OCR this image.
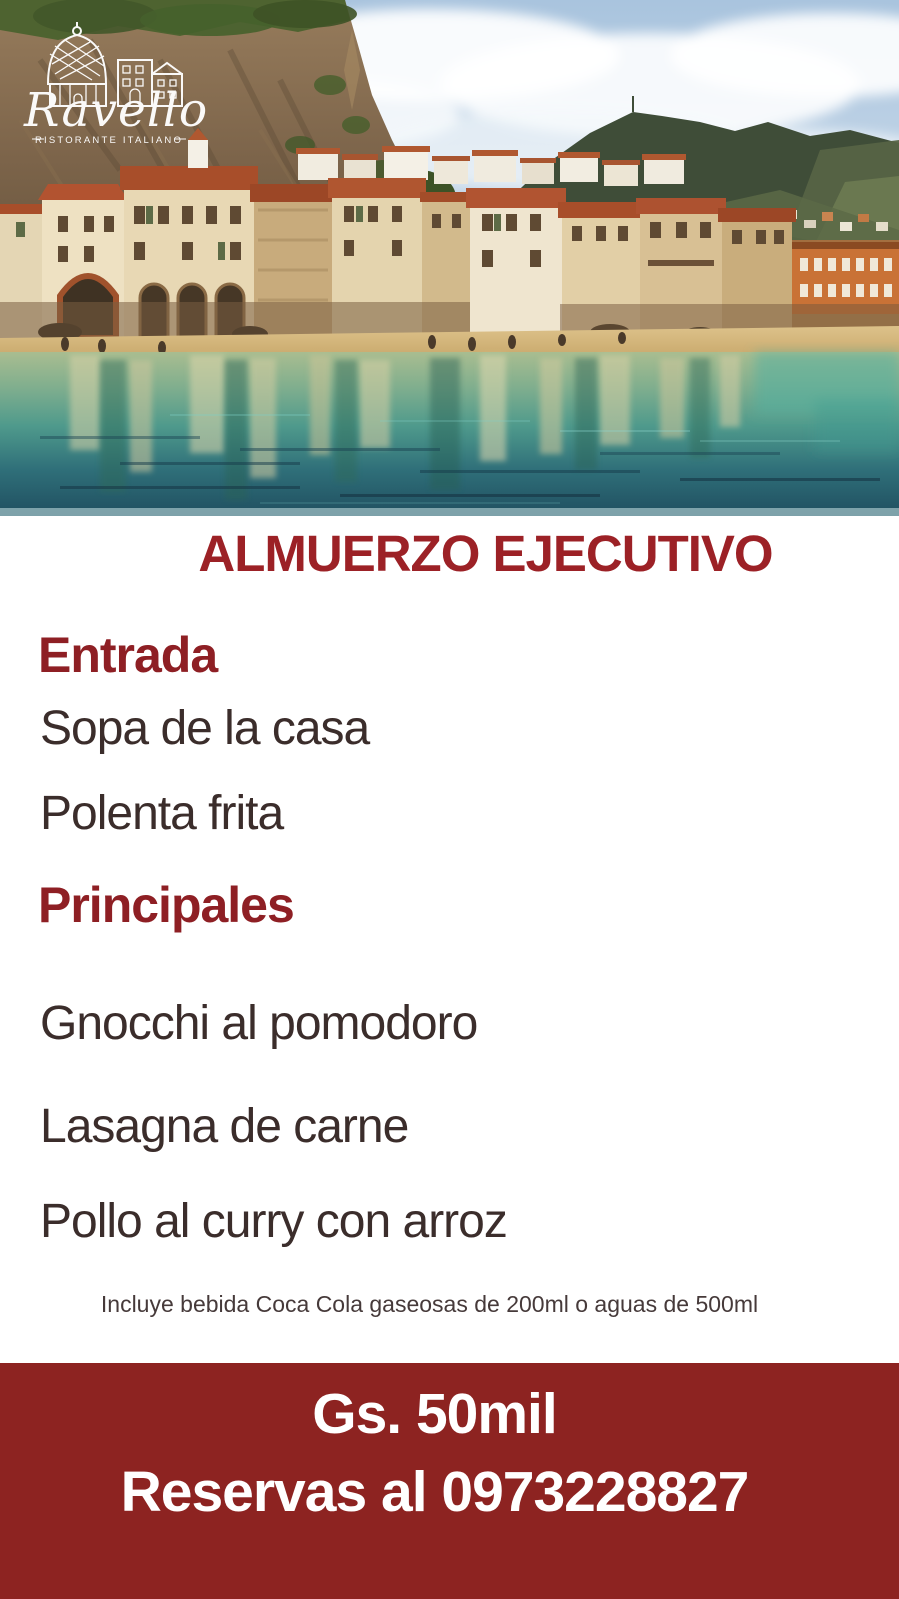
Ravello
RISTORANTE ITALIANO
ALMUERZO EJECUTIVO
Entrada
Sopa de la casa
Polenta frita
Principales
Gnocchi al pomodoro
Lasagna de carne
Pollo al curry con arroz
Incluye bebida Coca Cola gaseosas de 200ml o aguas de 500ml
Gs. 50mil
Reservas al 0973228827
